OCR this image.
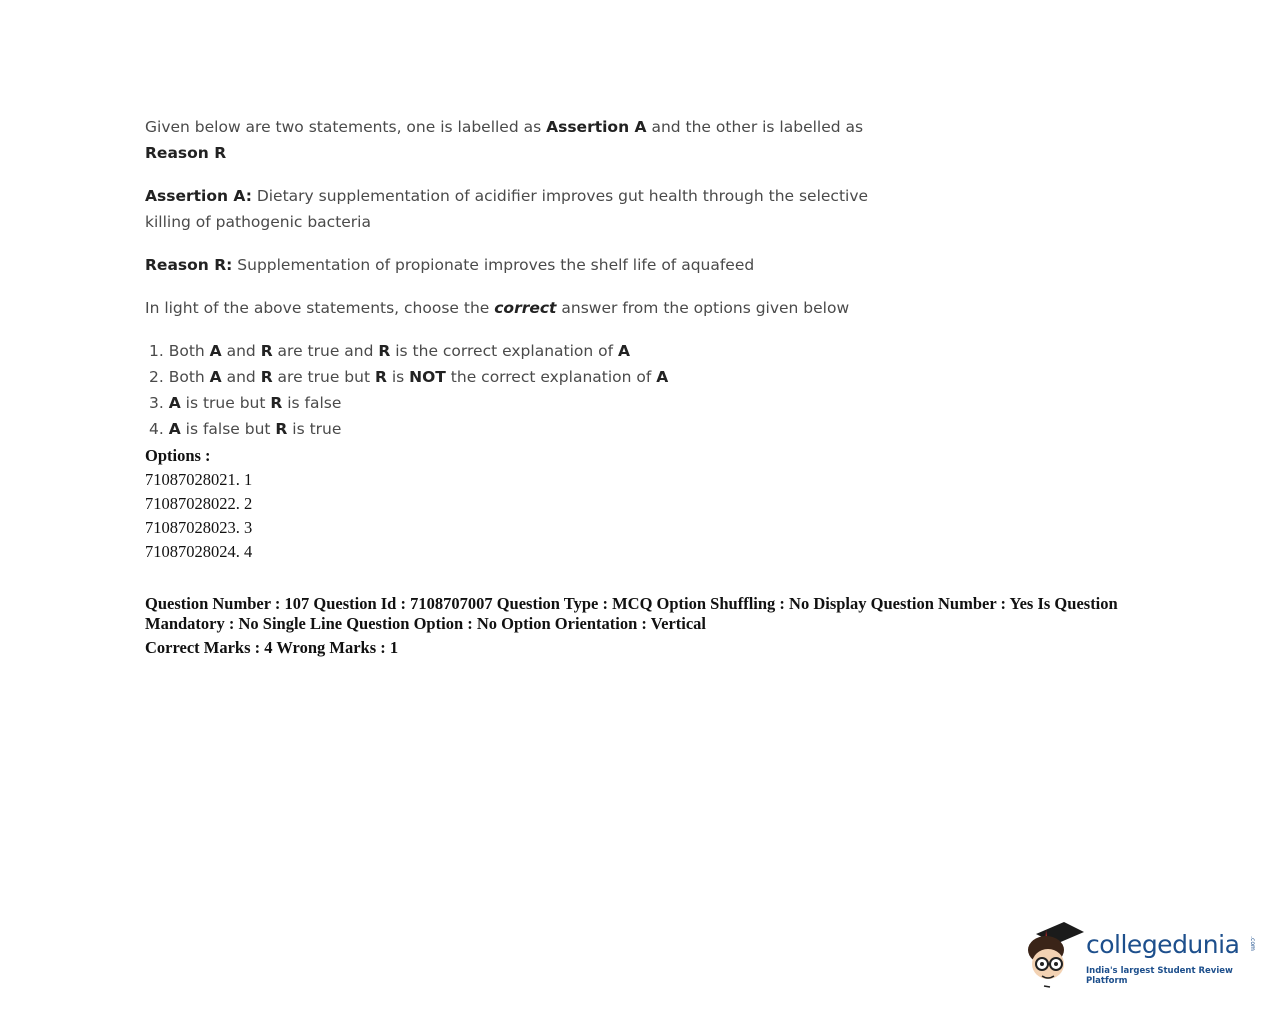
Given below are two statements, one is labelled as Assertion A and the other is labelled as

Reason R

Assertion A: Dietary supplementation of acidifier improves gut health through the selective

killing of pathogenic bacteria

Reason R: Supplementation of propionate improves the shelf life of aquafeed

In light of the above statements, choose the correct answer from the options given below

1. Both A and R are true and R is the correct explanation of A
2. Both A and R are true but R is NOT the correct explanation of A
3. A is true but R is false
4. A is false but R is true
Options :
71087028021. 1
71087028022. 2
71087028023. 3
71087028024. 4
Question Number : 107 Question Id : 7108707007 Question Type : MCQ Option Shuffling : No Display Question Number : Yes Is Question Mandatory : No Single Line Question Option : No Option Orientation : Vertical
Correct Marks : 4 Wrong Marks : 1
collegedunia .com
India's largest Student Review Platform
